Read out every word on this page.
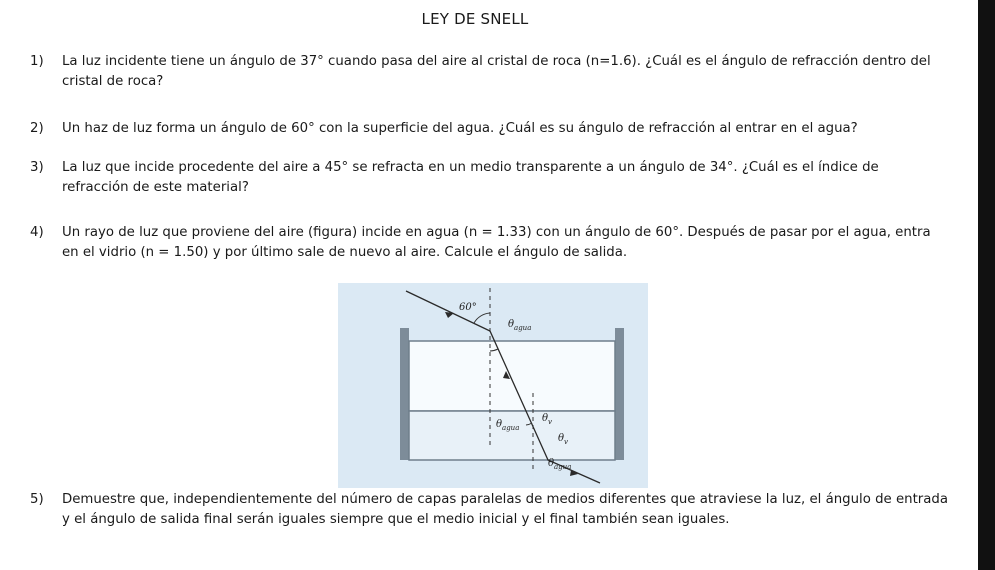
LEY DE SNELL
1)	La luz incidente tiene un ángulo de 37° cuando pasa del aire al cristal de roca (n=1.6). ¿Cuál es el ángulo de refracción dentro del cristal de roca?
2)	Un haz de luz forma un ángulo de 60° con la superficie del agua. ¿Cuál es su ángulo de refracción al entrar en el agua?
3)	La luz que incide procedente del aire a 45° se refracta en un medio transparente a un ángulo de 34°. ¿Cuál es el índice de refracción de este material?
4)	Un rayo de luz que proviene del aire (figura) incide en agua (n = 1.33) con un ángulo de 60°. Después de pasar por el agua, entra en el vidrio (n = 1.50) y por último sale de nuevo al aire. Calcule el ángulo de salida.
60°
$\theta_{agua}$
$\theta_{agua}$
$\theta_v$
$\theta_v$
$\theta_{agua}$
5)	Demuestre que, independientemente del número de capas paralelas de medios diferentes que atraviese la luz, el ángulo de entrada y el ángulo de salida final serán iguales siempre que el medio inicial y el final también sean iguales.
